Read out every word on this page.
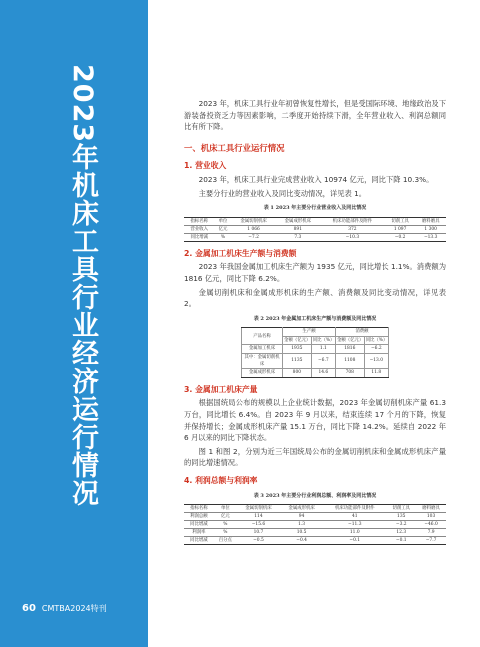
2023年机床工具行业经济运行情况
60 CMTBA2024特刊

2023 年，机床工具行业年初曾恢复性增长，但是受国际环境、地缘政治及下游装备投资乏力等因素影响，二季度开始持续下滑，全年营业收入、利润总额同比有所下降。

一、机床工具行业运行情况
1. 营业收入

2023 年，机床工具行业完成营业收入 10974 亿元，同比下降 10.3%。

主要分行业的营业收入及同比变动情况，详见表 1。

表 1 2023 年主要分行业营业收入及同比情况
指标名称	单位	金属切削机床	金属成形机床	机床功能部件及附件	切削工具	磨料磨具
营业收入	亿元	1 066	891	372	1 097	1 300
同比增减	%	−7.2	7.3	−10.3	−0.2	−13.3
2. 金属加工机床生产额与消费额

2023 年我国金属加工机床生产额为 1935 亿元，同比增长 1.1%。消费额为 1816 亿元，同比下降 6.2%。

金属切削机床和金属成形机床的生产额、消费额及同比变动情况，详见表 2。

表 2 2023 年金属加工机床生产额与消费额及同比情况
产品名称	生产额		消费额	
	金额（亿元）	同比（%）	金额（亿元）	同比（%）
金属加工机床	1935	1.1	1816	−6.2
其中：金属切削机床	1135	−6.7	1108	−13.0
金属成形机床	800	14.6	708	11.8
3. 金属加工机床产量

根据国统局公布的规模以上企业统计数据，2023 年金属切削机床产量 61.3 万台，同比增长 6.4%。自 2023 年 9 月以来，结束连续 17 个月的下降，恢复并保持增长；金属成形机床产量 15.1 万台，同比下降 14.2%。延续自 2022 年 6 月以来的同比下降状态。

图 1 和图 2，分别为近三年国统局公布的金属切削机床和金属成形机床产量的同比增速情况。

4. 利润总额与利润率
表 3 2023 年主要分行业利润总额、利润率及同比情况
指标名称	单位	金属切削机床	金属成形机床	机床功能部件及附件	切削工具	磨料磨具
利润总额	亿元	114	94	41	135	103
同比增减	%	−15.6	1.3	−11.3	−3.2	−46.0
利润率	%	10.7	10.5	11.0	12.3	7.9
同比增减	百分点	−0.5	−0.4	−0.1	−0.1	−7.7
